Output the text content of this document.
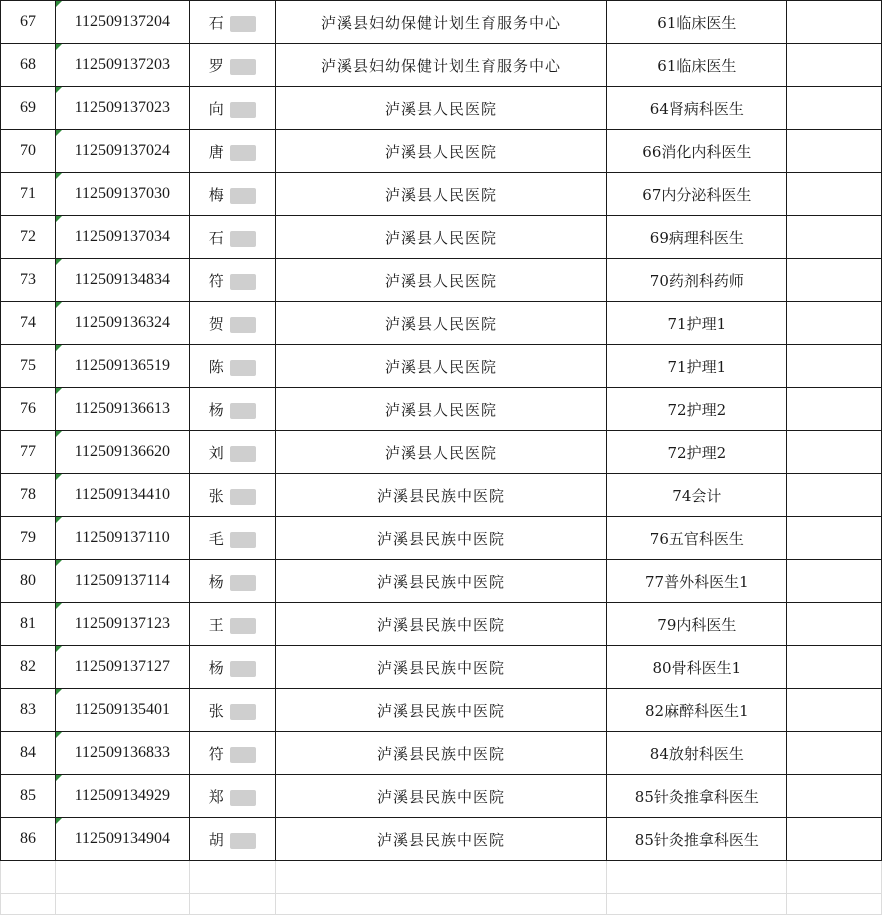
67	112509137204	石	泸溪县妇幼保健计划生育服务中心	61临床医生	
68	112509137203	罗	泸溪县妇幼保健计划生育服务中心	61临床医生	
69	112509137023	向	泸溪县人民医院	64肾病科医生	
70	112509137024	唐	泸溪县人民医院	66消化内科医生	
71	112509137030	梅	泸溪县人民医院	67内分泌科医生	
72	112509137034	石	泸溪县人民医院	69病理科医生	
73	112509134834	符	泸溪县人民医院	70药剂科药师	
74	112509136324	贺	泸溪县人民医院	71护理1	
75	112509136519	陈	泸溪县人民医院	71护理1	
76	112509136613	杨	泸溪县人民医院	72护理2	
77	112509136620	刘	泸溪县人民医院	72护理2	
78	112509134410	张	泸溪县民族中医院	74会计	
79	112509137110	毛	泸溪县民族中医院	76五官科医生	
80	112509137114	杨	泸溪县民族中医院	77普外科医生1	
81	112509137123	王	泸溪县民族中医院	79内科医生	
82	112509137127	杨	泸溪县民族中医院	80骨科医生1	
83	112509135401	张	泸溪县民族中医院	82麻醉科医生1	
84	112509136833	符	泸溪县民族中医院	84放射科医生	
85	112509134929	郑	泸溪县民族中医院	85针灸推拿科医生	
86	112509134904	胡	泸溪县民族中医院	85针灸推拿科医生	
